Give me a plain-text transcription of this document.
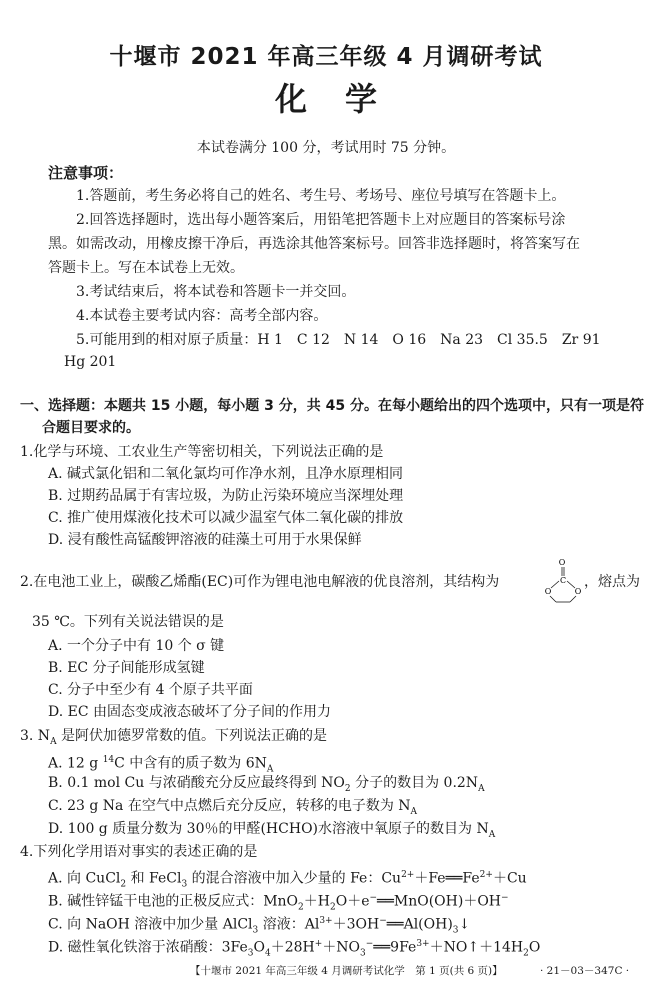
十堰市 2021 年高三年级 4 月调研考试
化学
本试卷满分 100 分，考试用时 75 分钟。
注意事项：
1.答题前，考生务必将自己的姓名、考生号、考场号、座位号填写在答题卡上。
2.回答选择题时，选出每小题答案后，用铅笔把答题卡上对应题目的答案标号涂
黑。如需改动，用橡皮擦干净后，再选涂其他答案标号。回答非选择题时，将答案写在
答题卡上。写在本试卷上无效。
3.考试结束后，将本试卷和答题卡一并交回。
4.本试卷主要考试内容：高考全部内容。
5.可能用到的相对原子质量：H 1　C 12　N 14　O 16　Na 23　Cl 35.5　Zr 91
Hg 201
一、选择题：本题共 15 小题，每小题 3 分，共 45 分。在每小题给出的四个选项中，只有一项是符
合题目要求的。
1.化学与环境、工农业生产等密切相关，下列说法正确的是
A. 碱式氯化铝和二氧化氯均可作净水剂，且净水原理相同
B. 过期药品属于有害垃圾，为防止污染环境应当深埋处理
C. 推广使用煤液化技术可以减少温室气体二氧化碳的排放
D. 浸有酸性高锰酸钾溶液的硅藻土可用于水果保鲜
2.在电池工业上，碳酸乙烯酯(EC)可作为锂电池电解液的优良溶剂，其结构为
O
C
O	O
，熔点为
35 ℃。下列有关说法错误的是
A. 一个分子中有 10 个 σ 键
B. EC 分子间能形成氢键
C. 分子中至少有 4 个原子共平面
D. EC 由固态变成液态破坏了分子间的作用力
3. $N_A$ 是阿伏加德罗常数的值。下列说法正确的是
A. 12 g $^{14}$C 中含有的质子数为 $6N_A$
B. 0.1 mol Cu 与浓硝酸充分反应最终得到 $NO_2$ 分子的数目为 $0.2N_A$
C. 23 g Na 在空气中点燃后充分反应，转移的电子数为 $N_A$
D. 100 g 质量分数为 30％的甲醛(HCHO)水溶液中氧原子的数目为 $N_A$
4.下列化学用语对事实的表述正确的是
A. 向 CuCl$_2$ 和 FeCl$_3$ 的混合溶液中加入少量的 Fe：$Cu^{2+}+Fe══Fe^{2+}+Cu$
B. 碱性锌锰干电池的正极反应式：$MnO_2+H_2O+e^-══MnO(OH)+OH^-$
C. 向 NaOH 溶液中加少量 AlCl$_3$ 溶液：$Al^{3+}+3OH^-══Al(OH)_3↓$
D. 磁性氧化铁溶于浓硝酸：$3Fe_3O_4+28H^++NO_3^-══9Fe^{3+}+NO↑+14H_2O$
【十堰市 2021 年高三年级 4 月调研考试化学　第 1 页(共 6 页)】	· 21－03－347C ·
